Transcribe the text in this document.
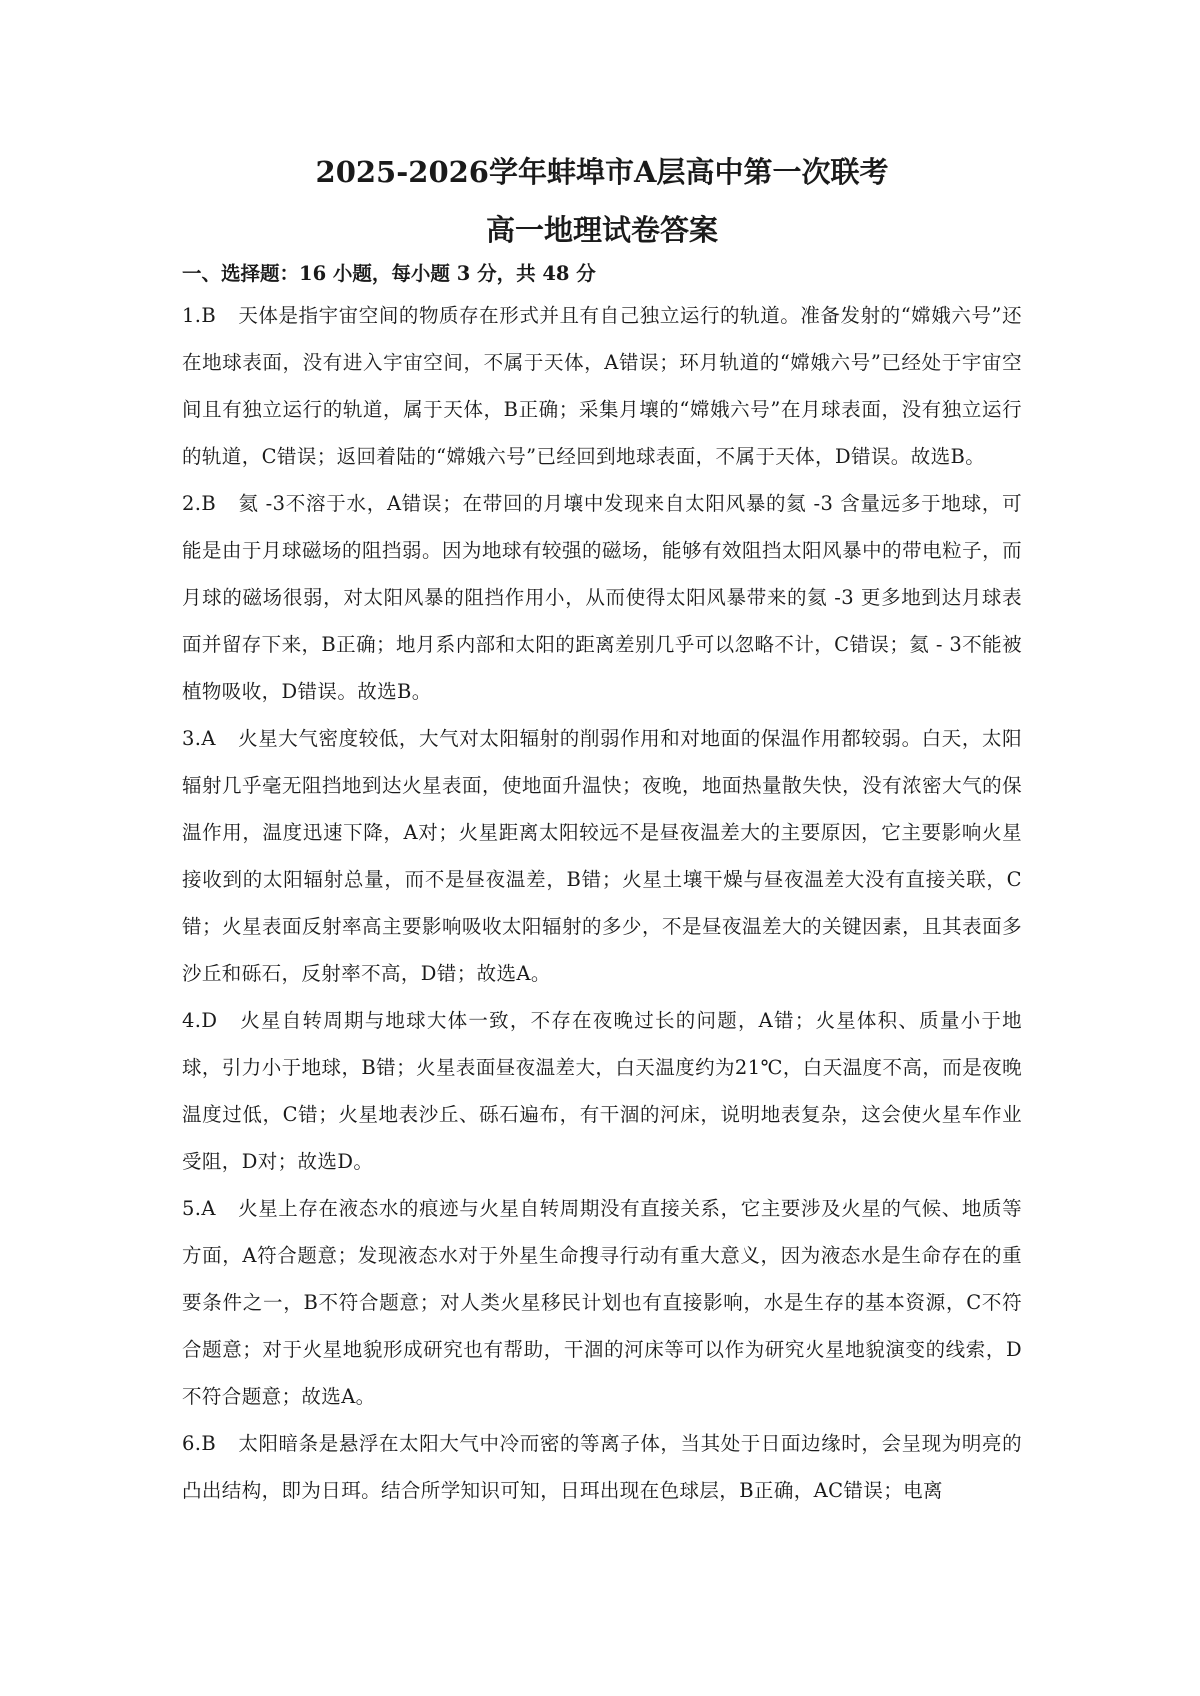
2025-2026学年蚌埠市A层高中第一次联考
高一地理试卷答案
一、选择题：16 小题，每小题 3 分，共 48 分

1.B 天体是指宇宙空间的物质存在形式并且有自己独立运行的轨道。准备发射的“嫦娥六号”还在地球表面，没有进入宇宙空间，不属于天体，A错误；环月轨道的“嫦娥六号”已经处于宇宙空间且有独立运行的轨道，属于天体，B正确；采集月壤的“嫦娥六号”在月球表面，没有独立运行的轨道，C错误；返回着陆的“嫦娥六号”已经回到地球表面，不属于天体，D错误。故选B。

2.B 氦 -3不溶于水，A错误；在带回的月壤中发现来自太阳风暴的氦 -3 含量远多于地球，可能是由于月球磁场的阻挡弱。因为地球有较强的磁场，能够有效阻挡太阳风暴中的带电粒子，而月球的磁场很弱，对太阳风暴的阻挡作用小，从而使得太阳风暴带来的氦 -3 更多地到达月球表面并留存下来，B正确；地月系内部和太阳的距离差别几乎可以忽略不计，C错误；氦 - 3不能被植物吸收，D错误。故选B。

3.A 火星大气密度较低，大气对太阳辐射的削弱作用和对地面的保温作用都较弱。白天，太阳辐射几乎毫无阻挡地到达火星表面，使地面升温快；夜晚，地面热量散失快，没有浓密大气的保温作用，温度迅速下降，A对；火星距离太阳较远不是昼夜温差大的主要原因，它主要影响火星接收到的太阳辐射总量，而不是昼夜温差，B错；火星土壤干燥与昼夜温差大没有直接关联，C错；火星表面反射率高主要影响吸收太阳辐射的多少，不是昼夜温差大的关键因素，且其表面多沙丘和砾石，反射率不高，D错；故选A。

4.D 火星自转周期与地球大体一致，不存在夜晚过长的问题，A错；火星体积、质量小于地球，引力小于地球，B错；火星表面昼夜温差大，白天温度约为21℃，白天温度不高，而是夜晚温度过低，C错；火星地表沙丘、砾石遍布，有干涸的河床，说明地表复杂，这会使火星车作业受阻，D对；故选D。

5.A 火星上存在液态水的痕迹与火星自转周期没有直接关系，它主要涉及火星的气候、地质等方面，A符合题意；发现液态水对于外星生命搜寻行动有重大意义，因为液态水是生命存在的重要条件之一，B不符合题意；对人类火星移民计划也有直接影响，水是生存的基本资源，C不符合题意；对于火星地貌形成研究也有帮助，干涸的河床等可以作为研究火星地貌演变的线索，D不符合题意；故选A。

6.B 太阳暗条是悬浮在太阳大气中冷而密的等离子体，当其处于日面边缘时，会呈现为明亮的凸出结构，即为日珥。结合所学知识可知，日珥出现在色球层，B正确，AC错误；电离
